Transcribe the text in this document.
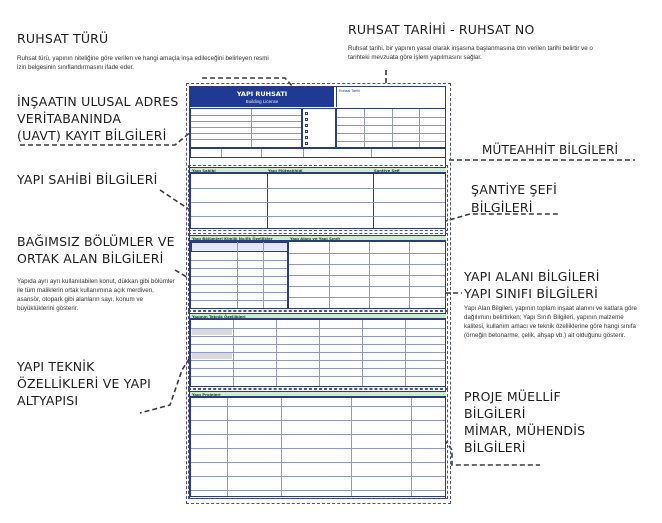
RUHSAT TÜRÜ
Ruhsat türü, yapının niteliğine göre verilen ve hangi amaçla inşa edileceğini belirleyen resmi izin belgesinin sınıflandırmasını ifade eder.
RUHSAT TARİHİ - RUHSAT NO
Ruhsat tarihi, bir yapının yasal olarak inşasına başlanmasına izin verilen tarihi belirtir ve o tarihteki mevzuata göre işlem yapılmasını sağlar.
İNŞAATIN ULUSAL ADRES
VERİTABANINDA
(UAVT) KAYIT BİLGİLERİ
MÜTEAHHİT BİLGİLERİ
YAPI SAHİBİ BİLGİLERİ
ŞANTİYE ŞEFİ
BİLGİLERİ
BAĞIMSIZ BÖLÜMLER VE
ORTAK ALAN BİLGİLERİ
Yapıda ayrı ayrı kullanılabilen konut, dükkan gibi bölümler ile tüm maliklerin ortak kullanımına açık merdiven, asansör, otopark gibi alanların sayı, konum ve büyüklüklerini gösterir.
YAPI ALANI BİLGİLERİ
YAPI SINIFI BİLGİLERİ
Yapı Alan Bilgileri, yapının toplam inşaat alanını ve katlara göre dağılımını belirtirken; Yapı Sınıfı Bilgileri, yapının malzeme kalitesi, kullanım amacı ve teknik özelliklerine göre hangi sınıfa (örneğin betonarme, çelik, ahşap vb.) ait olduğunu gösterir.
YAPI TEKNİK
ÖZELLİKLERİ VE YAPI
ALTYAPISI	PROJE MÜELLİF
BİLGİLERİ
MİMAR, MÜHENDİS
BİLGİLERİ
YAPI RUHSATI
Building License
Ruhsat Tarihi
Yapı Sahibi	Yapı Müteahhidi	Şantiye Şefi
Yapı Bölümleri Kimlik No/Ek Özellikler	Yapı Alanı ve Yapı Sınıfı
Yapının Teknik Özellikleri
Yapı Projeleri
